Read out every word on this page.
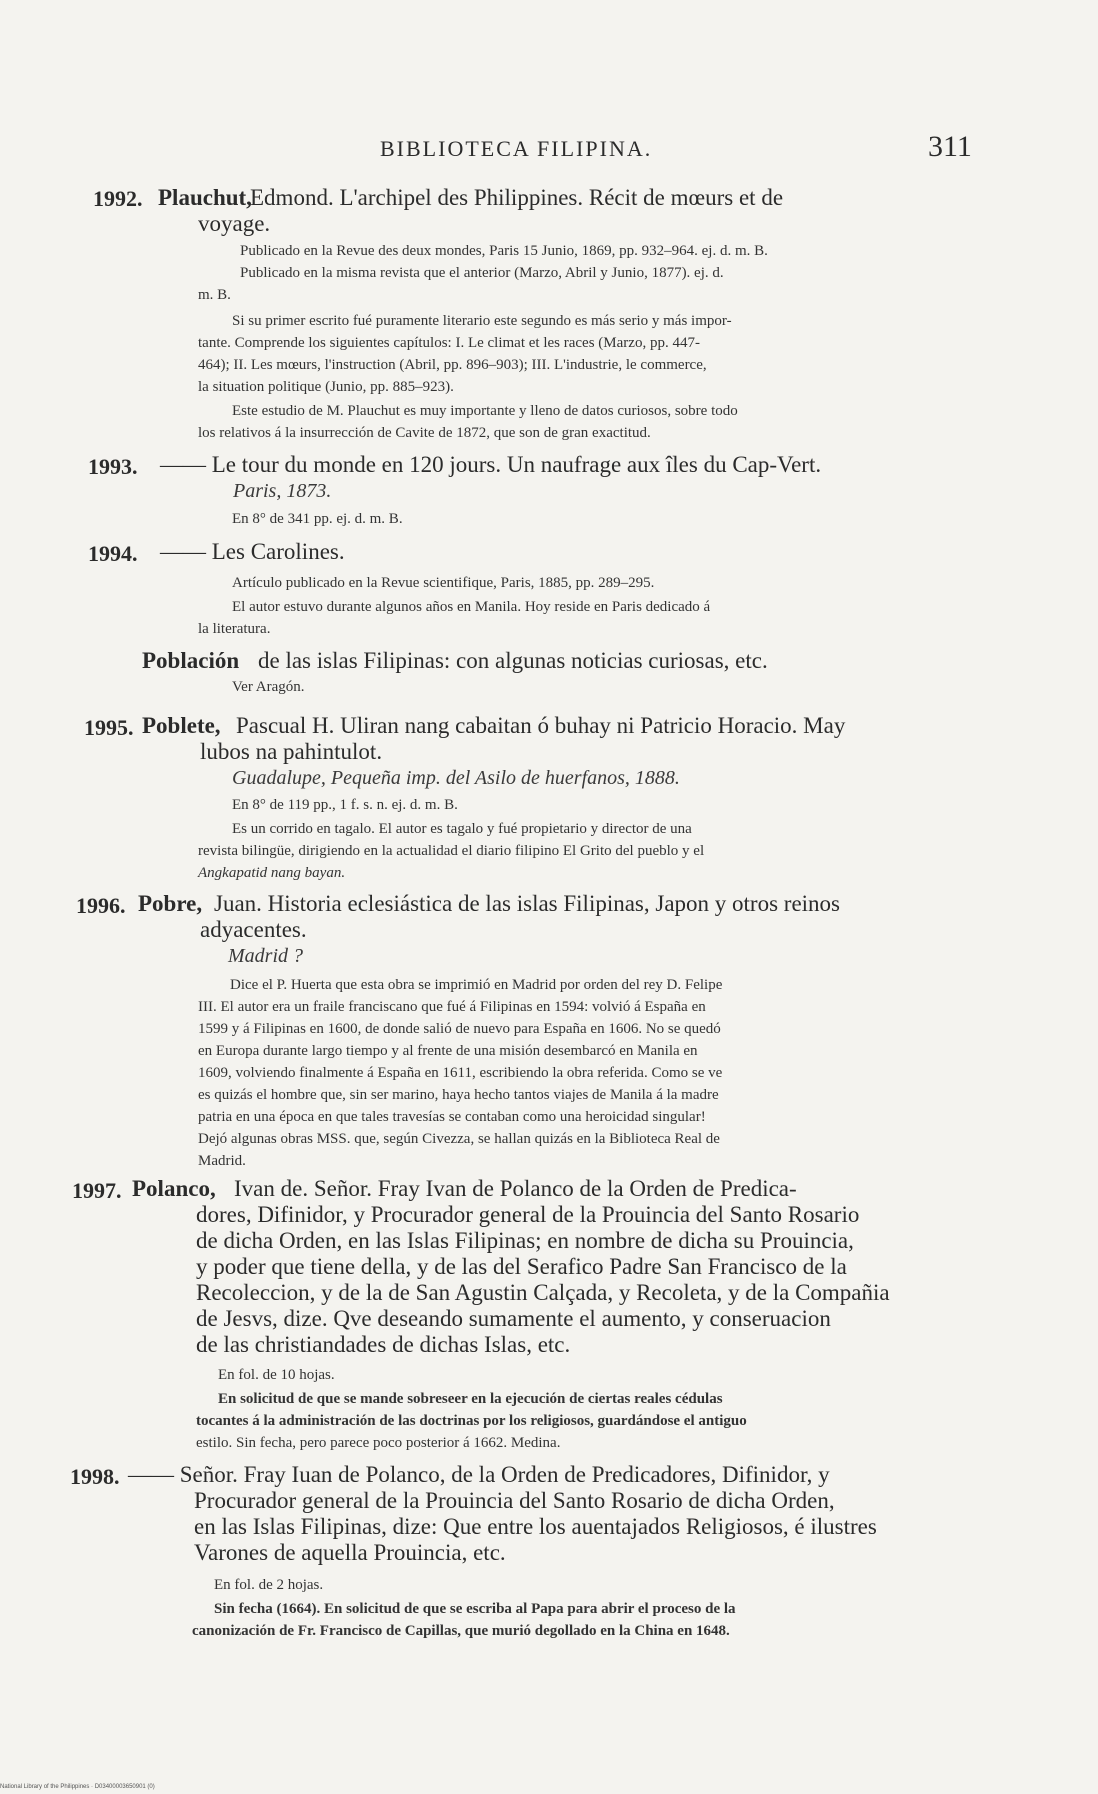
BIBLIOTECA FILIPINA.	311
1992. Plauchut,
Edmond. L'archipel des Philippines. Récit de mœurs et de
voyage.
Publicado en la Revue des deux mondes, Paris 15 Junio, 1869, pp. 932–964. ej. d. m. B.
Publicado en la misma revista que el anterior (Marzo, Abril y Junio, 1877). ej. d.
m. B.
Si su primer escrito fué puramente literario este segundo es más serio y más impor-
tante. Comprende los siguientes capítulos: I. Le climat et les races (Marzo, pp. 447-
464); II. Les mœurs, l'instruction (Abril, pp. 896–903); III. L'industrie, le commerce,
la situation politique (Junio, pp. 885–923).
Este estudio de M. Plauchut es muy importante y lleno de datos curiosos, sobre todo
los relativos á la insurrección de Cavite de 1872, que son de gran exactitud.
1993. —— Le tour du monde en 120 jours. Un naufrage aux îles du Cap-Vert.
Paris, 1873.
En 8° de 341 pp. ej. d. m. B.
1994. —— Les Carolines.
Artículo publicado en la Revue scientifique, Paris, 1885, pp. 289–295.
El autor estuvo durante algunos años en Manila. Hoy reside en Paris dedicado á
la literatura.
Población de las islas Filipinas: con algunas noticias curiosas, etc.
Ver Aragón.
1995. Poblete, Pascual H. Uliran nang cabaitan ó buhay ni Patricio Horacio. May
lubos na pahintulot.
Guadalupe, Pequeña imp. del Asilo de huerfanos, 1888.
En 8° de 119 pp., 1 f. s. n. ej. d. m. B.
Es un corrido en tagalo. El autor es tagalo y fué propietario y director de una
revista bilingüe, dirigiendo en la actualidad el diario filipino El Grito del pueblo y el
Angkapatid nang bayan.
1996. Pobre, Juan. Historia eclesiástica de las islas Filipinas, Japon y otros reinos
adyacentes.
Madrid ?
Dice el P. Huerta que esta obra se imprimió en Madrid por orden del rey D. Felipe
III. El autor era un fraile franciscano que fué á Filipinas en 1594: volvió á España en
1599 y á Filipinas en 1600, de donde salió de nuevo para España en 1606. No se quedó
en Europa durante largo tiempo y al frente de una misión desembarcó en Manila en
1609, volviendo finalmente á España en 1611, escribiendo la obra referida. Como se ve
es quizás el hombre que, sin ser marino, haya hecho tantos viajes de Manila á la madre
patria en una época en que tales travesías se contaban como una heroicidad singular!
Dejó algunas obras MSS. que, según Civezza, se hallan quizás en la Biblioteca Real de
Madrid.
1997. Polanco, Ivan de. Señor. Fray Ivan de Polanco de la Orden de Predica-
dores, Difinidor, y Procurador general de la Prouincia del Santo Rosario
de dicha Orden, en las Islas Filipinas; en nombre de dicha su Prouincia,
y poder que tiene della, y de las del Serafico Padre San Francisco de la
Recoleccion, y de la de San Agustin Calçada, y Recoleta, y de la Compañia
de Jesvs, dize. Qve deseando sumamente el aumento, y conseruacion
de las christiandades de dichas Islas, etc.
En fol. de 10 hojas.
En solicitud de que se mande sobreseer en la ejecución de ciertas reales cédulas
tocantes á la administración de las doctrinas por los religiosos, guardándose el antiguo
estilo. Sin fecha, pero parece poco posterior á 1662. Medina.
1998. —— Señor. Fray Iuan de Polanco, de la Orden de Predicadores, Difinidor, y
Procurador general de la Prouincia del Santo Rosario de dicha Orden,
en las Islas Filipinas, dize: Que entre los auentajados Religiosos, é ilustres
Varones de aquella Prouincia, etc.
En fol. de 2 hojas.
Sin fecha (1664). En solicitud de que se escriba al Papa para abrir el proceso de la
canonización de Fr. Francisco de Capillas, que murió degollado en la China en 1648.
National Library of the Philippines · D03400003650901 (0)
